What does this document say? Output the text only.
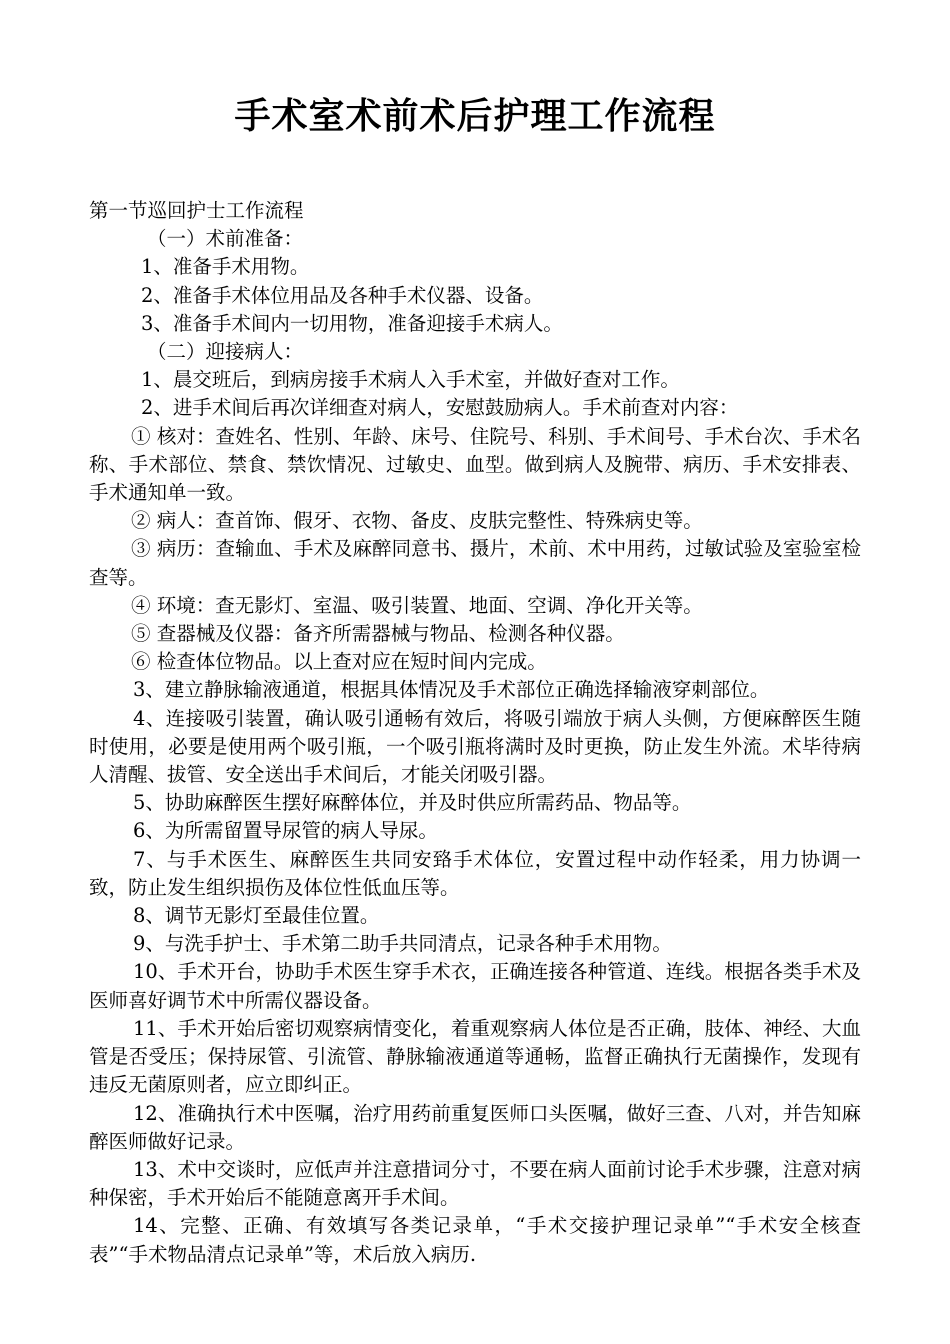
手术室术前术后护理工作流程

第一节巡回护士工作流程

（一）术前准备：

1、准备手术用物。

2、准备手术体位用品及各种手术仪器、设备。

3、准备手术间内一切用物，准备迎接手术病人。

（二）迎接病人：

1、晨交班后，到病房接手术病人入手术室，并做好查对工作。

2、进手术间后再次详细查对病人，安慰鼓励病人。手术前查对内容：

① 核对：查姓名、性别、年龄、床号、住院号、科别、手术间号、手术台次、手术名称、手术部位、禁食、禁饮情况、过敏史、血型。做到病人及腕带、病历、手术安排表、手术通知单一致。

② 病人：查首饰、假牙、衣物、备皮、皮肤完整性、特殊病史等。

③ 病历：查输血、手术及麻醉同意书、摄片，术前、术中用药，过敏试验及室验室检查等。

④ 环境：查无影灯、室温、吸引装置、地面、空调、净化开关等。

⑤ 查器械及仪器：备齐所需器械与物品、检测各种仪器。

⑥ 检查体位物品。以上查对应在短时间内完成。

3、建立静脉输液通道，根据具体情况及手术部位正确选择输液穿刺部位。

4、连接吸引装置，确认吸引通畅有效后，将吸引端放于病人头侧，方便麻醉医生随时使用，必要是使用两个吸引瓶，一个吸引瓶将满时及时更换，防止发生外流。术毕待病人清醒、拔管、安全送出手术间后，才能关闭吸引器。

5、协助麻醉医生摆好麻醉体位，并及时供应所需药品、物品等。

6、为所需留置导尿管的病人导尿。

7、与手术医生、麻醉医生共同安臵手术体位，安置过程中动作轻柔，用力协调一致，防止发生组织损伤及体位性低血压等。

8、调节无影灯至最佳位置。

9、与洗手护士、手术第二助手共同清点，记录各种手术用物。

10、手术开台，协助手术医生穿手术衣，正确连接各种管道、连线。根据各类手术及医师喜好调节术中所需仪器设备。

11、手术开始后密切观察病情变化，着重观察病人体位是否正确，肢体、神经、大血管是否受压；保持尿管、引流管、静脉输液通道等通畅，监督正确执行无菌操作，发现有违反无菌原则者，应立即纠正。

12、准确执行术中医嘱，治疗用药前重复医师口头医嘱，做好三查、八对，并告知麻醉医师做好记录。

13、术中交谈时，应低声并注意措词分寸，不要在病人面前讨论手术步骤，注意对病种保密，手术开始后不能随意离开手术间。

14、完整、正确、有效填写各类记录单，“手术交接护理记录单”“手术安全核查表”“手术物品清点记录单”等，术后放入病历.
